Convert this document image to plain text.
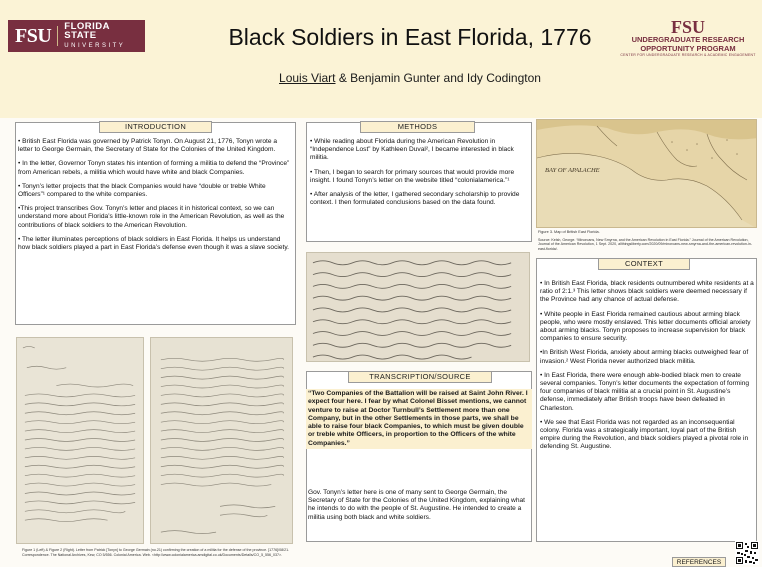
FSU FLORIDA STATE
UNIVERSITY	Black Soldiers in East Florida, 1776
Louis Viart & Benjamin Gunter and Idy Codington
FSU
UNDERGRADUATE RESEARCH
OPPORTUNITY PROGRAM
CENTER FOR UNDERGRADUATE RESEARCH & ACADEMIC ENGAGEMENT

• British East Florida was governed by Patrick Tonyn. On August 21, 1776, Tonyn wrote a letter to George Germain, the Secretary of State for the Colonies of the United Kingdom.

• In the letter, Governor Tonyn states his intention of forming a militia to defend the “Province” from American rebels, a militia which would have white and black Companies.

• Tonyn’s letter projects that the black Companies would have “double or treble White Officers”¹ compared to the white companies.

•This project transcribes Gov. Tonyn’s letter and places it in historical context, so we can understand more about Florida’s little-known role in the American Revolution, as well as the contributions of black soldiers to the American Revolution.

• The letter illuminates perceptions of black soldiers in East Florida. It helps us understand how black soldiers played a part in East Florida’s defense even though it was a slave society.

INTRODUCTION
Figure 1 (Left) & Figure 2 (Right). Letter from Patrick [Tonyn] to George Germain (no.21) confirming the creation of a militia for the defense of the province. [1776]/08/21. Correspondence. The National Archives, Kew, CO 5/556. Colonial America. Web. <http://www.colonialamerica.amdigital.co.uk/Documents/Details/CO_5_556_037>.

• While reading about Florida during the American Revolution in “Independence Lost” by Kathleen Duval², I became interested in black militia.

• Then, I began to search for primary sources that would provide more insight. I found Tonyn’s letter on the website titled “colonialamerica.”¹

• After analysis of the letter, I gathered secondary scholarship to provide context. I then formulated conclusions based on the data found.

METHODS
TRANSCRIPTION/SOURCE
“Two Companies of the Battalion will be raised at Saint John River. I expect four here. I fear by what Colonel Bisset mentions, we cannot venture to raise at Doctor Turnbull’s Settlement more than one Company, but in the other Settlements in those parts, we shall be able to raise four black Companies, to which must be given double or treble white Officers, in proportion to the Officers of the white Companies.”
Gov. Tonyn’s letter here is one of many sent to George Germain, the Secretary of State for the Colonies of the United Kingdom, explaining what he intends to do with the people of St. Augustine. He intended to create a militia using both black and white soldiers.
BAY OF APALACHE
Figure 3. Map of British East Florida.
Source: Kelsh, George. “Minorcans, New Smyrna, and the American Revolution in East Florida.” Journal of the American Revolution, Journal of the American Revolution, 1 Sept. 2020, allthingsliberty.com/2020/09/minorcans-new-smyrna-and-the-american-revolution-in-east-florida/.

• In British East Florida, black residents outnumbered white residents at a ratio of 2:1.³ This letter shows black soldiers were deemed necessary if the Province had any chance of actual defense.

• White people in East Florida remained cautious about arming black people, who were mostly enslaved. This letter documents official anxiety about arming blacks. Tonyn proposes to increase supervision for black companies to ensure security.

•In British West Florida, anxiety about arming blacks outweighed fear of invasion.² West Florida never authorized black militia.

• In East Florida, there were enough able-bodied black men to create several companies. Tonyn’s letter documents the expectation of forming four companies of black militia at a crucial point in St. Augustine’s defense, immediately after British troops have been defeated in Charleston.

• We see that East Florida was not regarded as an inconsequential colony. Florida was a strategically important, loyal part of the British empire during the Revolution, and black soldiers played a pivotal role in defending St. Augustine.

CONTEXT
REFERENCES
